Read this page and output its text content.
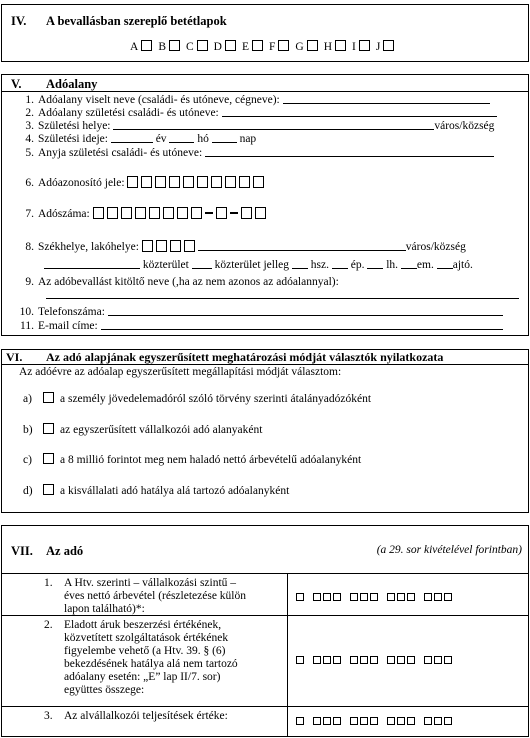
IV. A bevallásban szereplő betétlapok
A B C D E F G H I J
V. Adóalany
1. Adóalany viselt neve (családi- és utóneve, cégneve):
2. Adóalany születési családi- és utóneve:
3. Születési helye:	város/község
4. Születési ideje:	év	hó	nap
5. Anyja születési családi- és utóneve:
6. Adóazonosító jele:
7. Adószáma:
8. Székhelye, lakóhelye:	város/község
közterület közterület jelleg hsz. ép. lh. em. ajtó.
9. Az adóbevallást kitöltő neve (,ha az nem azonos az adóalannyal):
10. Telefonszáma:
11. E-mail címe:
VI. Az adó alapjának egyszerűsített meghatározási módját választók nyilatkozata
Az adóévre az adóalap egyszerűsített megállapítási módját választom:
a) a személy jövedelemadóról szóló törvény szerinti átalányadózóként
b) az egyszerűsített vállalkozói adó alanyaként
c) a 8 millió forintot meg nem haladó nettó árbevételű adóalanyként
d) a kisvállalati adó hatálya alá tartozó adóalanyként
VII. Az adó	(a 29. sor kivételével forintban)
1. A Htv. szerinti – vállalkozási szintű –
éves nettó árbevétel (részletezése külön
lapon található)*:
2. Eladott áruk beszerzési értékének,
közvetített szolgáltatások értékének
figyelembe vehető (a Htv. 39. § (6)
bekezdésének hatálya alá nem tartozó
adóalany esetén: „E” lap II/7. sor)
együttes összege:
3. Az alvállalkozói teljesítések értéke:
